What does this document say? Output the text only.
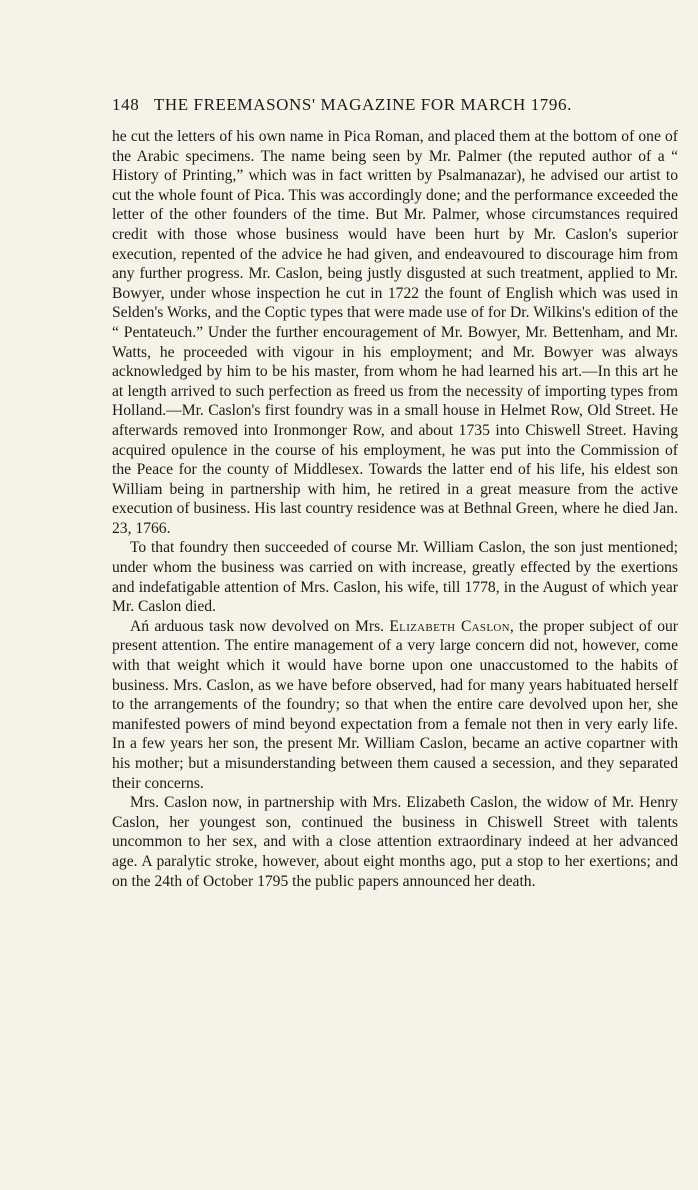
148 THE FREEMASONS' MAGAZINE FOR MARCH 1796.

he cut the letters of his own name in Pica Roman, and placed them at the bottom of one of the Arabic specimens. The name being seen by Mr. Palmer (the reputed author of a “ History of Printing,” which was in fact written by Psalmanazar), he advised our artist to cut the whole fount of Pica. This was accordingly done; and the performance exceeded the letter of the other founders of the time. But Mr. Palmer, whose circumstances required credit with those whose business would have been hurt by Mr. Caslon's superior execution, repented of the advice he had given, and endeavoured to discourage him from any further progress. Mr. Caslon, being justly disgusted at such treatment, applied to Mr. Bowyer, under whose inspection he cut in 1722 the fount of English which was used in Selden's Works, and the Coptic types that were made use of for Dr. Wilkins's edition of the “ Pentateuch.” Under the further encouragement of Mr. Bowyer, Mr. Bettenham, and Mr. Watts, he proceeded with vigour in his employment; and Mr. Bowyer was always acknowledged by him to be his master, from whom he had learned his art.—In this art he at length arrived to such perfection as freed us from the necessity of importing types from Holland.—Mr. Caslon's first foundry was in a small house in Helmet Row, Old Street. He afterwards removed into Ironmonger Row, and about 1735 into Chiswell Street. Having acquired opulence in the course of his employment, he was put into the Commission of the Peace for the county of Middlesex. Towards the latter end of his life, his eldest son William being in partnership with him, he retired in a great measure from the active execution of business. His last country residence was at Bethnal Green, where he died Jan. 23, 1766.

To that foundry then succeeded of course Mr. William Caslon, the son just mentioned; under whom the business was carried on with increase, greatly effected by the exertions and indefatigable attention of Mrs. Caslon, his wife, till 1778, in the August of which year Mr. Caslon died.

Ań arduous task now devolved on Mrs. Elizabeth Caslon, the proper subject of our present attention. The entire management of a very large concern did not, however, come with that weight which it would have borne upon one unaccustomed to the habits of business. Mrs. Caslon, as we have before observed, had for many years habituated herself to the arrangements of the foundry; so that when the entire care devolved upon her, she manifested powers of mind beyond expectation from a female not then in very early life. In a few years her son, the present Mr. William Caslon, became an active copartner with his mother; but a misunderstanding between them caused a secession, and they separated their concerns.

Mrs. Caslon now, in partnership with Mrs. Elizabeth Caslon, the widow of Mr. Henry Caslon, her youngest son, continued the business in Chiswell Street with talents uncommon to her sex, and with a close attention extraordinary indeed at her advanced age. A paralytic stroke, however, about eight months ago, put a stop to her exertions; and on the 24th of October 1795 the public papers announced her death.
